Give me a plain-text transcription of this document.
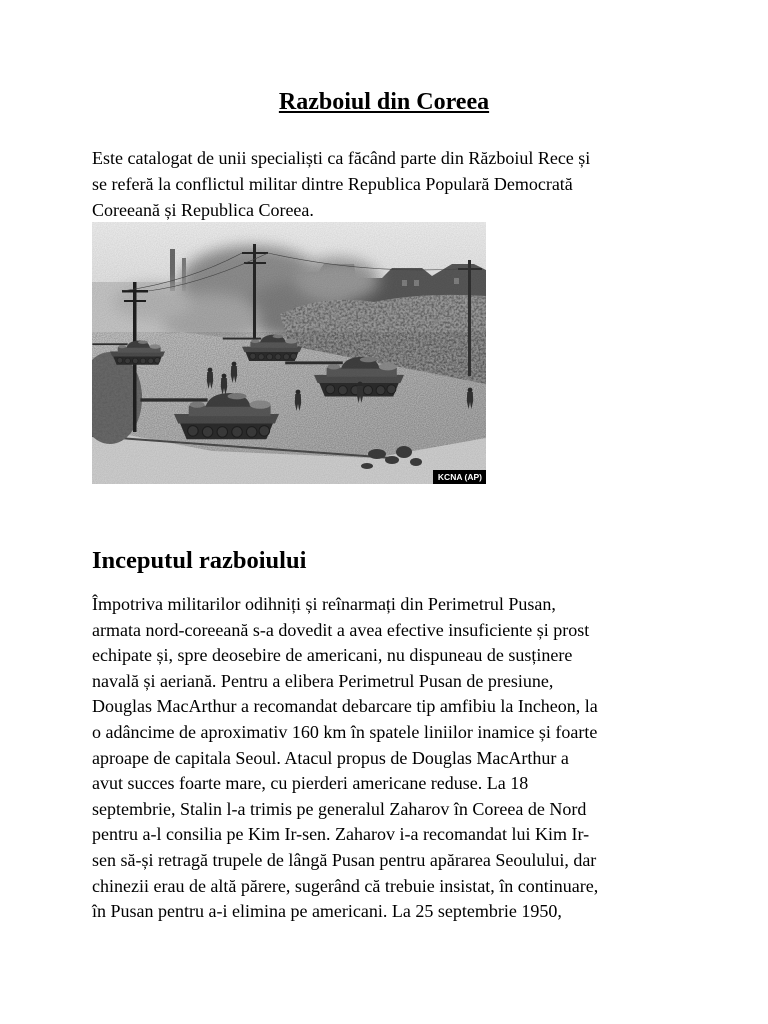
Razboiul din Coreea
Este catalogat de unii specialiști ca făcând parte din Războiul Rece și
se referă la conflictul militar dintre Republica Populară Democrată
Coreeană și Republica Coreea.
KCNA (AP)
Inceputul razboiului
Împotriva militarilor odihniți și reînarmați din Perimetrul Pusan,
armata nord-coreeană s-a dovedit a avea efective insuficiente și prost
echipate și, spre deosebire de americani, nu dispuneau de susținere
navală și aeriană. Pentru a elibera Perimetrul Pusan de presiune,
Douglas MacArthur a recomandat debarcare tip amfibiu la Incheon, la
o adâncime de aproximativ 160 km în spatele liniilor inamice și foarte
aproape de capitala Seoul. Atacul propus de Douglas MacArthur a
avut succes foarte mare, cu pierderi americane reduse. La 18
septembrie, Stalin l-a trimis pe generalul Zaharov în Coreea de Nord
pentru a-l consilia pe Kim Ir-sen. Zaharov i-a recomandat lui Kim Ir-
sen să-și retragă trupele de lângă Pusan pentru apărarea Seoulului, dar
chinezii erau de altă părere, sugerând că trebuie insistat, în continuare,
în Pusan pentru a-i elimina pe americani. La 25 septembrie 1950,
